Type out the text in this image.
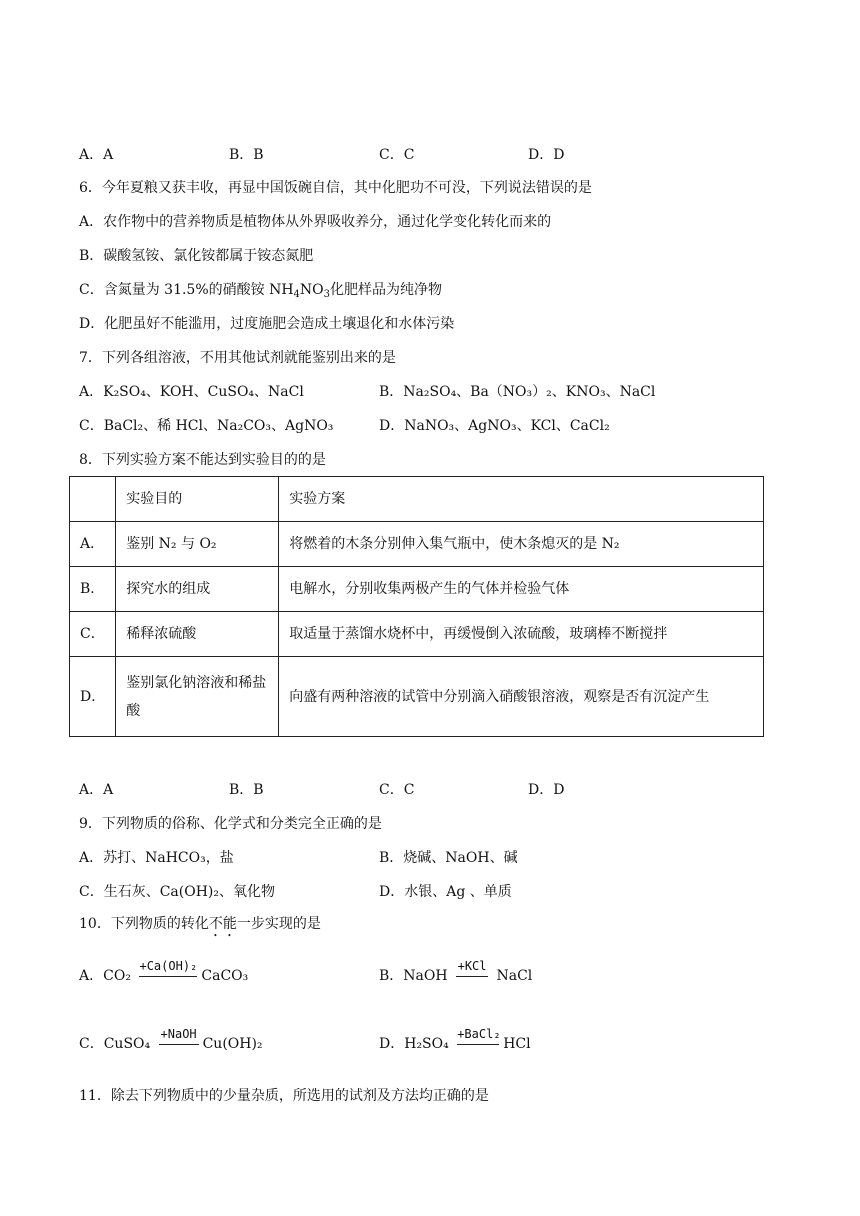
A．A	B．B	C．C	D．D
6．今年夏粮又获丰收，再显中国饭碗自信，其中化肥功不可没，下列说法错误的是
A．农作物中的营养物质是植物体从外界吸收养分，通过化学变化转化而来的
B．碳酸氢铵、氯化铵都属于铵态氮肥
C．含氮量为 31.5%的硝酸铵 $NH_4NO_3$化肥样品为纯净物
D．化肥虽好不能滥用，过度施肥会造成土壤退化和水体污染
7．下列各组溶液，不用其他试剂就能鉴别出来的是
A．K₂SO₄、KOH、CuSO₄、NaCl	B．Na₂SO₄、Ba（NO₃）₂、KNO₃、NaCl
C．BaCl₂、稀 HCl、Na₂CO₃、AgNO₃	D．NaNO₃、AgNO₃、KCl、CaCl₂
8．下列实验方案不能达到实验目的的是
	实验目的	实验方案
A．	鉴别 N₂ 与 O₂	将燃着的木条分别伸入集气瓶中，使木条熄灭的是 N₂
B．	探究水的组成	电解水，分别收集两极产生的气体并检验气体
C．	稀释浓硫酸	取适量于蒸馏水烧杯中，再缓慢倒入浓硫酸，玻璃棒不断搅拌
D．	鉴别氯化钠溶液和稀盐酸	向盛有两种溶液的试管中分别滴入硝酸银溶液，观察是否有沉淀产生
A．A	B．B	C．C	D．D
9．下列物质的俗称、化学式和分类完全正确的是
A．苏打、NaHCO₃，盐	B．烧碱、NaOH、碱
C．生石灰、Ca(OH)₂、氧化物	D．水银、Ag 、单质
10．下列物质的转化不能一步实现的是
A．CO₂
+Ca(OH)₂
CaCO₃	B．NaOH
+KCl
NaCl
C．CuSO₄
+NaOH
Cu(OH)₂	D．H₂SO₄
+BaCl₂
HCl
11．除去下列物质中的少量杂质，所选用的试剂及方法均正确的是
